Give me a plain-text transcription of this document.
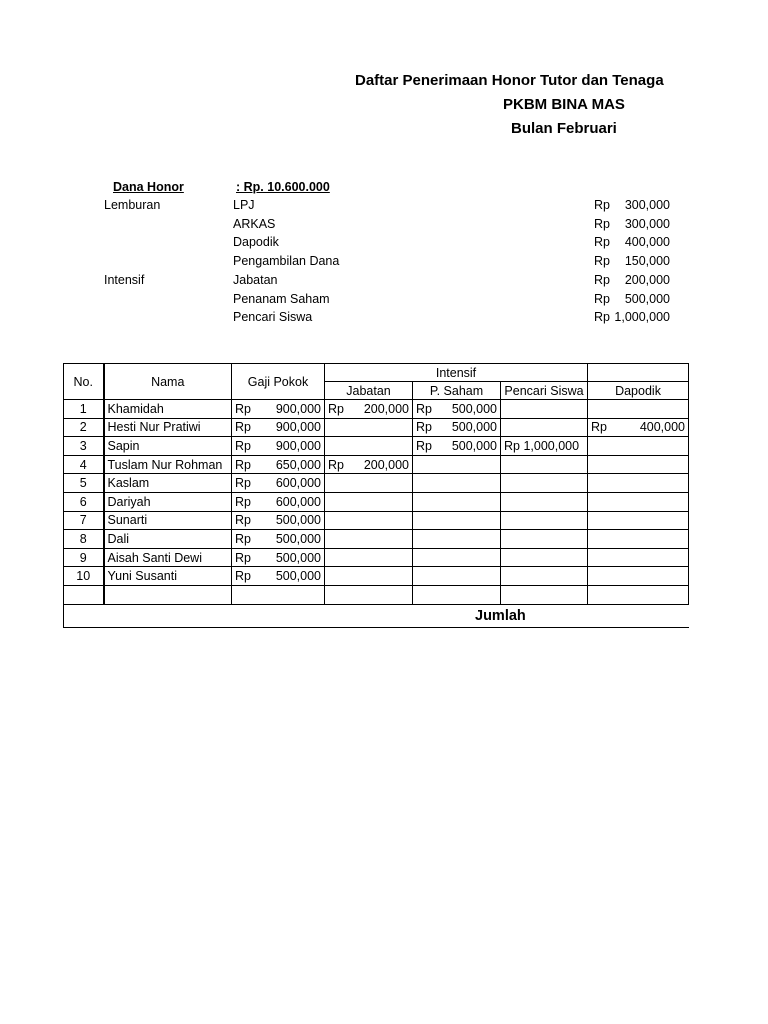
Daftar Penerimaan Honor Tutor dan Tenaga
PKBM BINA MAS
Bulan Februari
Dana Honor	: Rp. 10.600.000
Lemburan	LPJ	Rp 300,000
ARKAS	Rp 300,000
Dapodik	Rp 400,000
Pengambilan Dana	Rp 150,000
Intensif	Jabatan	Rp 200,000
Penanam Saham	Rp 500,000
Pencari Siswa	Rp 1,000,000
No.	Nama	Gaji Pokok	Intensif			
			Jabatan	P. Saham	Pencari Siswa	Dapodik
1	Khamidah	Rp 900,000	Rp 200,000	Rp 500,000		

2	Hesti Nur Pratiwi	Rp 900,000		Rp 500,000		Rp 400,000

3	Sapin	Rp 900,000		Rp 500,000	Rp 1,000,000	
4	Tuslam Nur Rohman	Rp 650,000	Rp 200,000			

5	Kaslam	Rp 600,000				

6	Dariyah	Rp 600,000				

7	Sunarti	Rp 500,000				

8	Dali	Rp 500,000				

9	Aisah Santi Dewi	Rp 500,000				

10	Yuni Susanti	Rp 500,000				

Jumlah						
